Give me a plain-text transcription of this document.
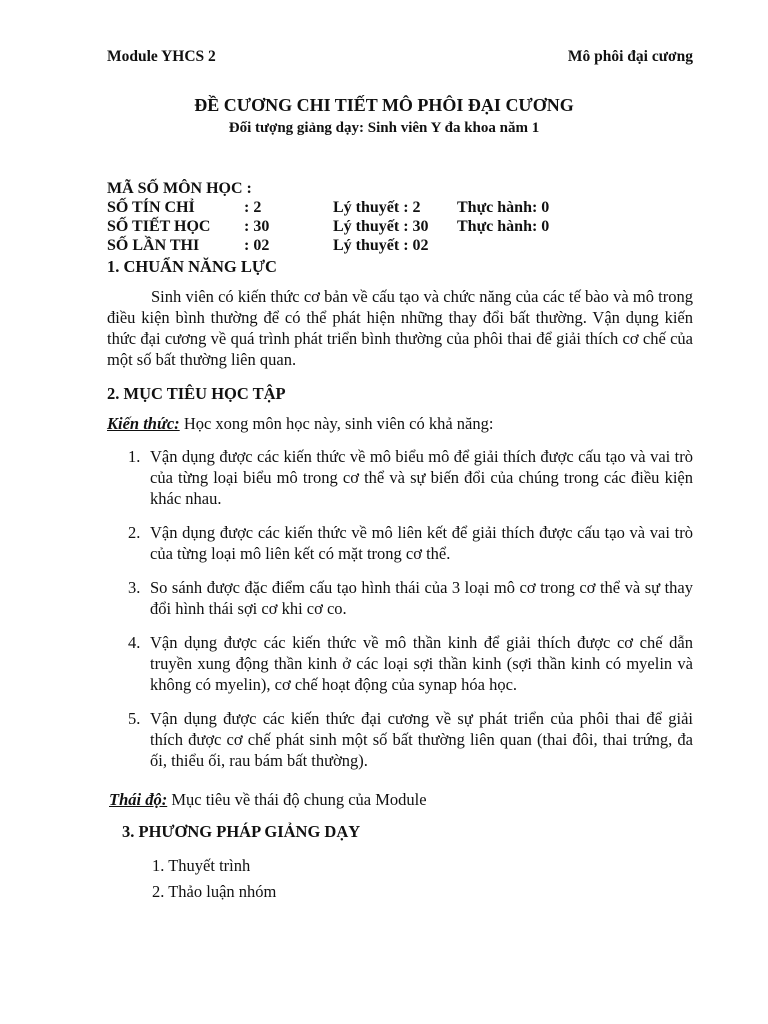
Module YHCS 2	Mô phôi đại cương
ĐỀ CƯƠNG CHI TIẾT MÔ PHÔI ĐẠI CƯƠNG
Đối tượng giảng dạy: Sinh viên Y đa khoa năm 1
MÃ SỐ MÔN HỌC :
SỐ TÍN CHỈ	: 2	Lý thuyết : 2 Thực hành: 0
SỐ TIẾT HỌC : 30	Lý thuyết : 30 Thực hành: 0
SỐ LẦN THI	: 02	Lý thuyết : 02
1. CHUẨN NĂNG LỰC
Sinh viên có kiến thức cơ bản về cấu tạo và chức năng của các tế bào và mô trong điều kiện bình thường để có thể phát hiện những thay đổi bất thường. Vận dụng kiến thức đại cương về quá trình phát triển bình thường của phôi thai để giải thích cơ chế của một số bất thường liên quan.
2. MỤC TIÊU HỌC TẬP
Kiến thức: Học xong môn học này, sinh viên có khả năng:
1. Vận dụng được các kiến thức về mô biểu mô để giải thích được cấu tạo và vai trò của từng loại biểu mô trong cơ thể và sự biến đổi của chúng trong các điều kiện khác nhau.
2. Vận dụng được các kiến thức về mô liên kết để giải thích được cấu tạo và vai trò của từng loại mô liên kết có mặt trong cơ thể.
3. So sánh được đặc điểm cấu tạo hình thái của 3 loại mô cơ trong cơ thể và sự thay đổi hình thái sợi cơ khi cơ co.
4. Vận dụng được các kiến thức về mô thần kinh để giải thích được cơ chế dẫn truyền xung động thần kinh ở các loại sợi thần kinh (sợi thần kinh có myelin và không có myelin), cơ chế hoạt động của synap hóa học.
5. Vận dụng được các kiến thức đại cương về sự phát triển của phôi thai để giải thích được cơ chế phát sinh một số bất thường liên quan (thai đôi, thai trứng, đa ối, thiểu ối, rau bám bất thường).
Thái độ: Mục tiêu về thái độ chung của Module
3. PHƯƠNG PHÁP GIẢNG DẠY
1. Thuyết trình
2. Thảo luận nhóm
